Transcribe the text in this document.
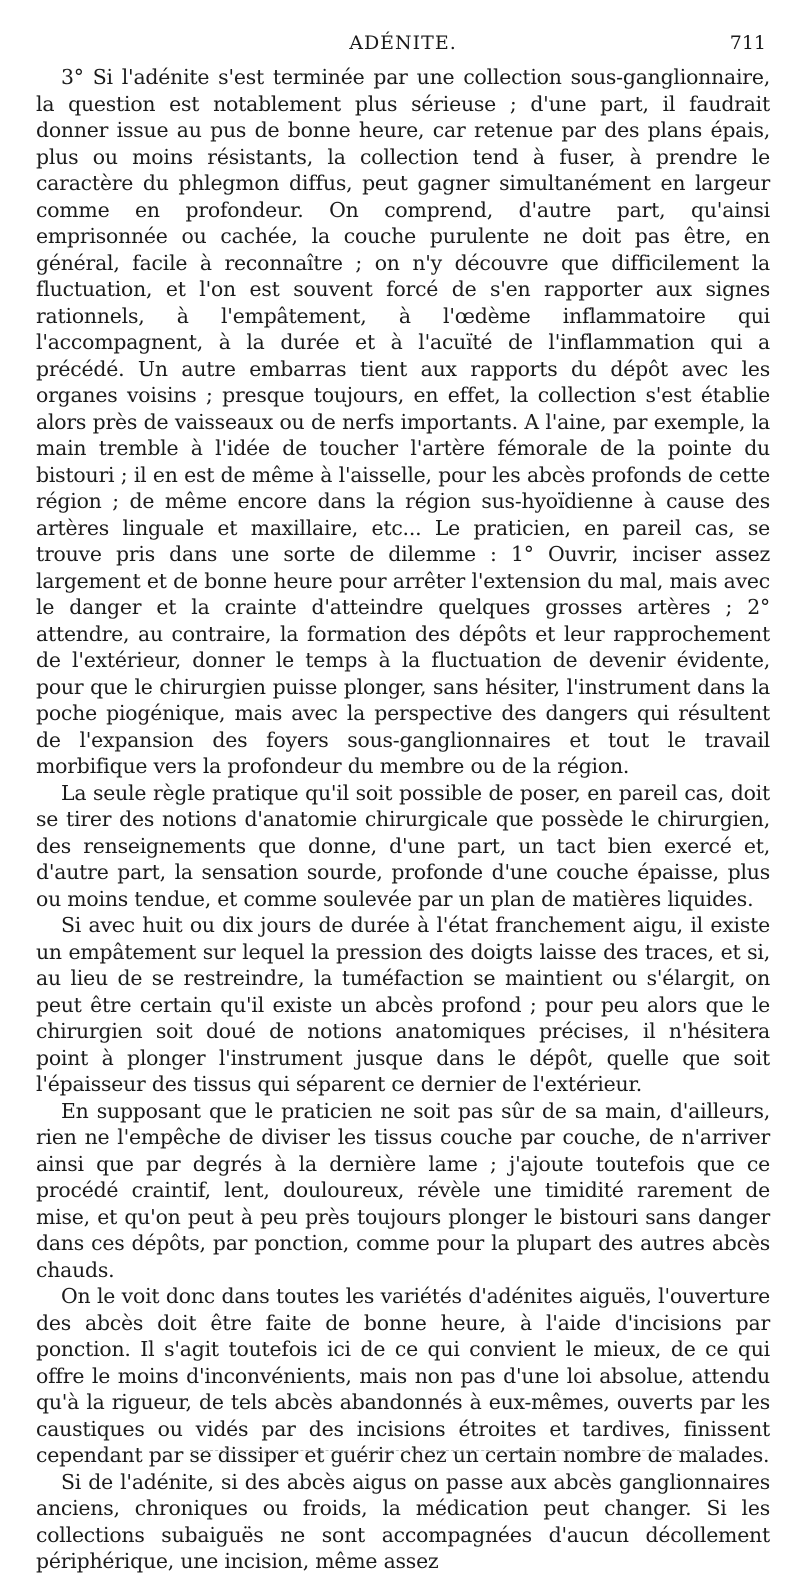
ADÉNITE.	711

3° Si l'adénite s'est terminée par une collection sous-ganglionnaire, la question est notablement plus sérieuse ; d'une part, il faudrait donner issue au pus de bonne heure, car retenue par des plans épais, plus ou moins résistants, la collection tend à fuser, à prendre le caractère du phlegmon diffus, peut gagner simultanément en largeur comme en profondeur. On comprend, d'autre part, qu'ainsi emprisonnée ou cachée, la couche purulente ne doit pas être, en général, facile à reconnaître ; on n'y découvre que difficilement la fluctuation, et l'on est souvent forcé de s'en rapporter aux signes rationnels, à l'empâtement, à l'œdème inflammatoire qui l'accompagnent, à la durée et à l'acuïté de l'inflammation qui a précédé. Un autre embarras tient aux rapports du dépôt avec les organes voisins ; presque toujours, en effet, la collection s'est établie alors près de vaisseaux ou de nerfs importants. A l'aine, par exemple, la main tremble à l'idée de toucher l'artère fémorale de la pointe du bistouri ; il en est de même à l'aisselle, pour les abcès profonds de cette région ; de même encore dans la région sus-hyoïdienne à cause des artères linguale et maxillaire, etc... Le praticien, en pareil cas, se trouve pris dans une sorte de dilemme : 1° Ouvrir, inciser assez largement et de bonne heure pour arrêter l'extension du mal, mais avec le danger et la crainte d'atteindre quelques grosses artères ; 2° attendre, au contraire, la formation des dépôts et leur rapprochement de l'extérieur, donner le temps à la fluctuation de devenir évidente, pour que le chirurgien puisse plonger, sans hésiter, l'instrument dans la poche piogénique, mais avec la perspective des dangers qui résultent de l'expansion des foyers sous-ganglionnaires et tout le travail morbifique vers la profondeur du membre ou de la région.

La seule règle pratique qu'il soit possible de poser, en pareil cas, doit se tirer des notions d'anatomie chirurgicale que possède le chirurgien, des renseignements que donne, d'une part, un tact bien exercé et, d'autre part, la sensation sourde, profonde d'une couche épaisse, plus ou moins tendue, et comme soulevée par un plan de matières liquides.

Si avec huit ou dix jours de durée à l'état franchement aigu, il existe un empâtement sur lequel la pression des doigts laisse des traces, et si, au lieu de se restreindre, la tuméfaction se maintient ou s'élargit, on peut être certain qu'il existe un abcès profond ; pour peu alors que le chirurgien soit doué de notions anatomiques précises, il n'hésitera point à plonger l'instrument jusque dans le dépôt, quelle que soit l'épaisseur des tissus qui séparent ce dernier de l'extérieur.

En supposant que le praticien ne soit pas sûr de sa main, d'ailleurs, rien ne l'empêche de diviser les tissus couche par couche, de n'arriver ainsi que par degrés à la dernière lame ; j'ajoute toutefois que ce procédé craintif, lent, douloureux, révèle une timidité rarement de mise, et qu'on peut à peu près toujours plonger le bistouri sans danger dans ces dépôts, par ponction, comme pour la plupart des autres abcès chauds.

On le voit donc dans toutes les variétés d'adénites aiguës, l'ouverture des abcès doit être faite de bonne heure, à l'aide d'incisions par ponction. Il s'agit toutefois ici de ce qui convient le mieux, de ce qui offre le moins d'inconvénients, mais non pas d'une loi absolue, attendu qu'à la rigueur, de tels abcès abandonnés à eux-mêmes, ouverts par les caustiques ou vidés par des incisions étroites et tardives, finissent cependant par se dissiper et guérir chez un certain nombre de malades.

Si de l'adénite, si des abcès aigus on passe aux abcès ganglionnaires anciens, chroniques ou froids, la médication peut changer. Si les collections subaiguës ne sont accompagnées d'aucun décollement périphérique, une incision, même assez
